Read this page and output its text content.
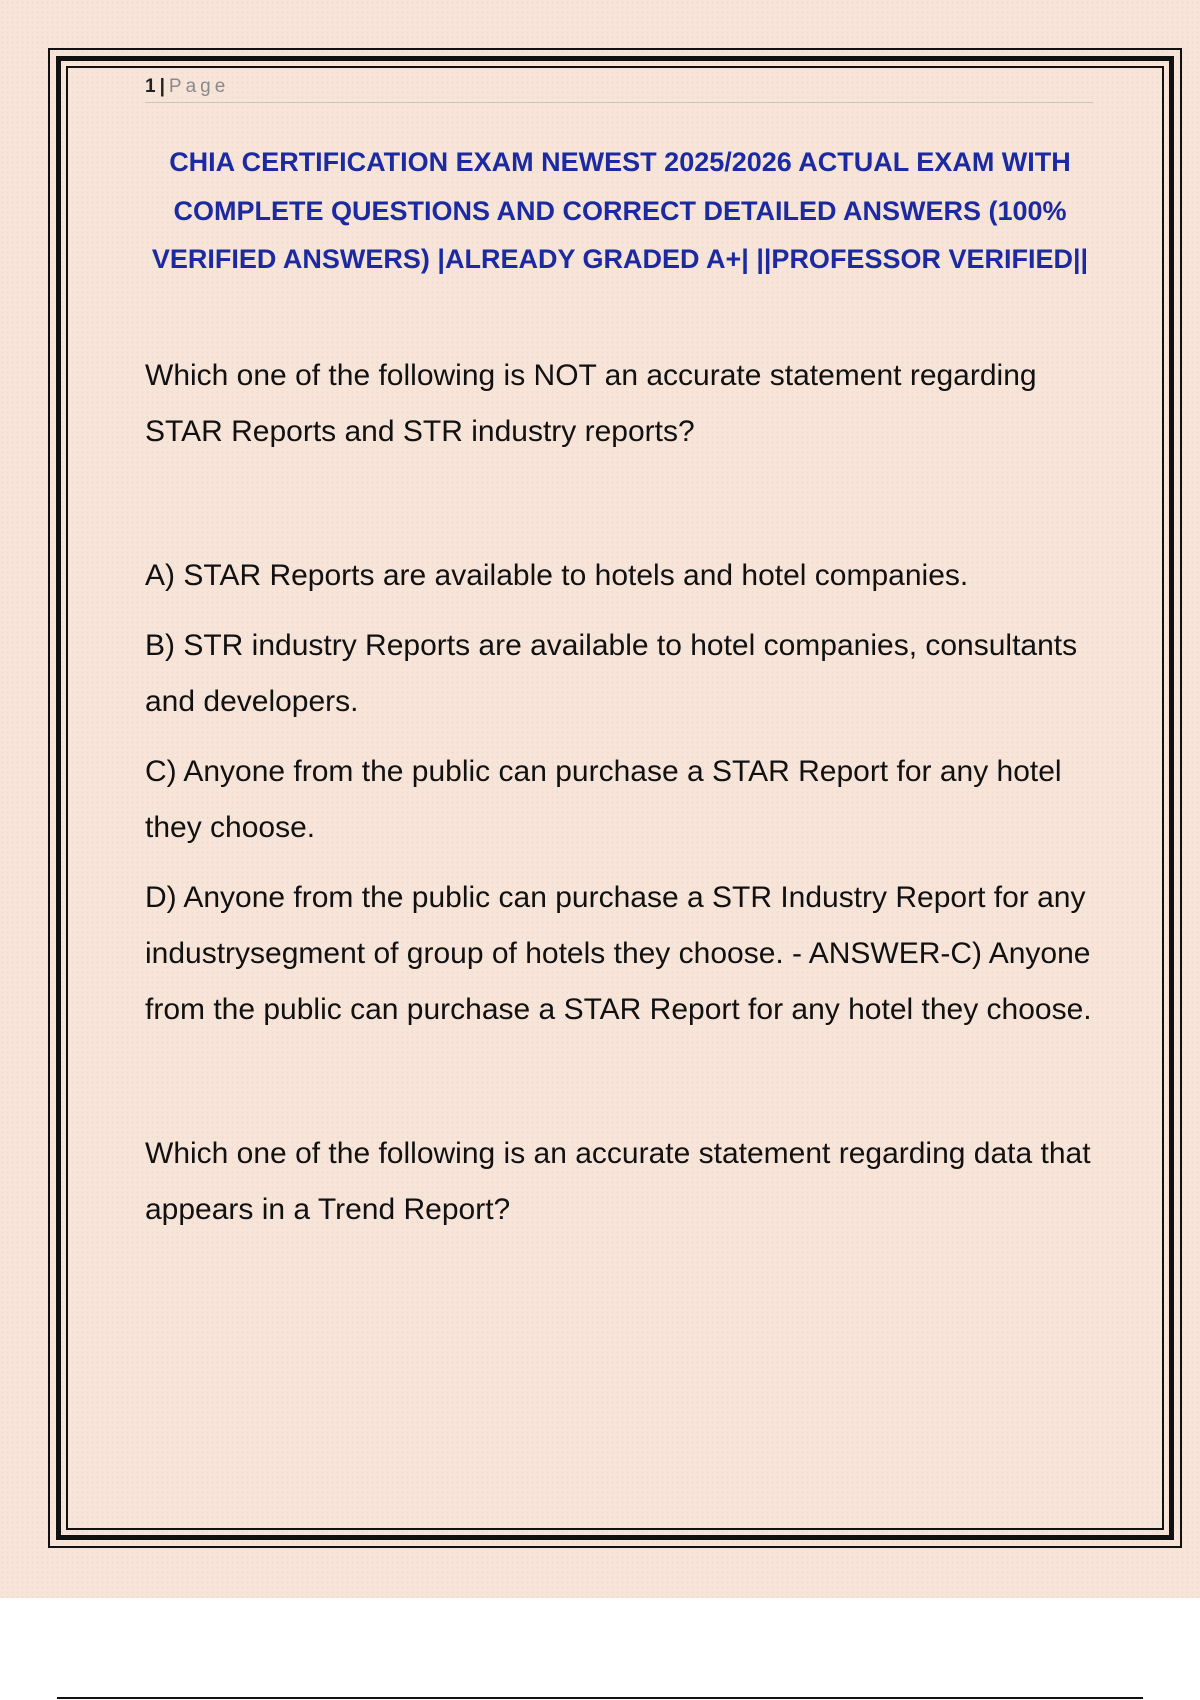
1 | Page
CHIA CERTIFICATION EXAM NEWEST 2025/2026 ACTUAL EXAM WITH COMPLETE QUESTIONS AND CORRECT DETAILED ANSWERS (100% VERIFIED ANSWERS) |ALREADY GRADED A+| ||PROFESSOR VERIFIED||

Which one of the following is NOT an accurate statement regarding STAR Reports and STR industry reports?

A) STAR Reports are available to hotels and hotel companies.

B) STR industry Reports are available to hotel companies, consultants and developers.

C) Anyone from the public can purchase a STAR Report for any hotel they choose.

D) Anyone from the public can purchase a STR Industry Report for any industrysegment of group of hotels they choose. - ANSWER-C) Anyone from the public can purchase a STAR Report for any hotel they choose.

Which one of the following is an accurate statement regarding data that appears in a Trend Report?
